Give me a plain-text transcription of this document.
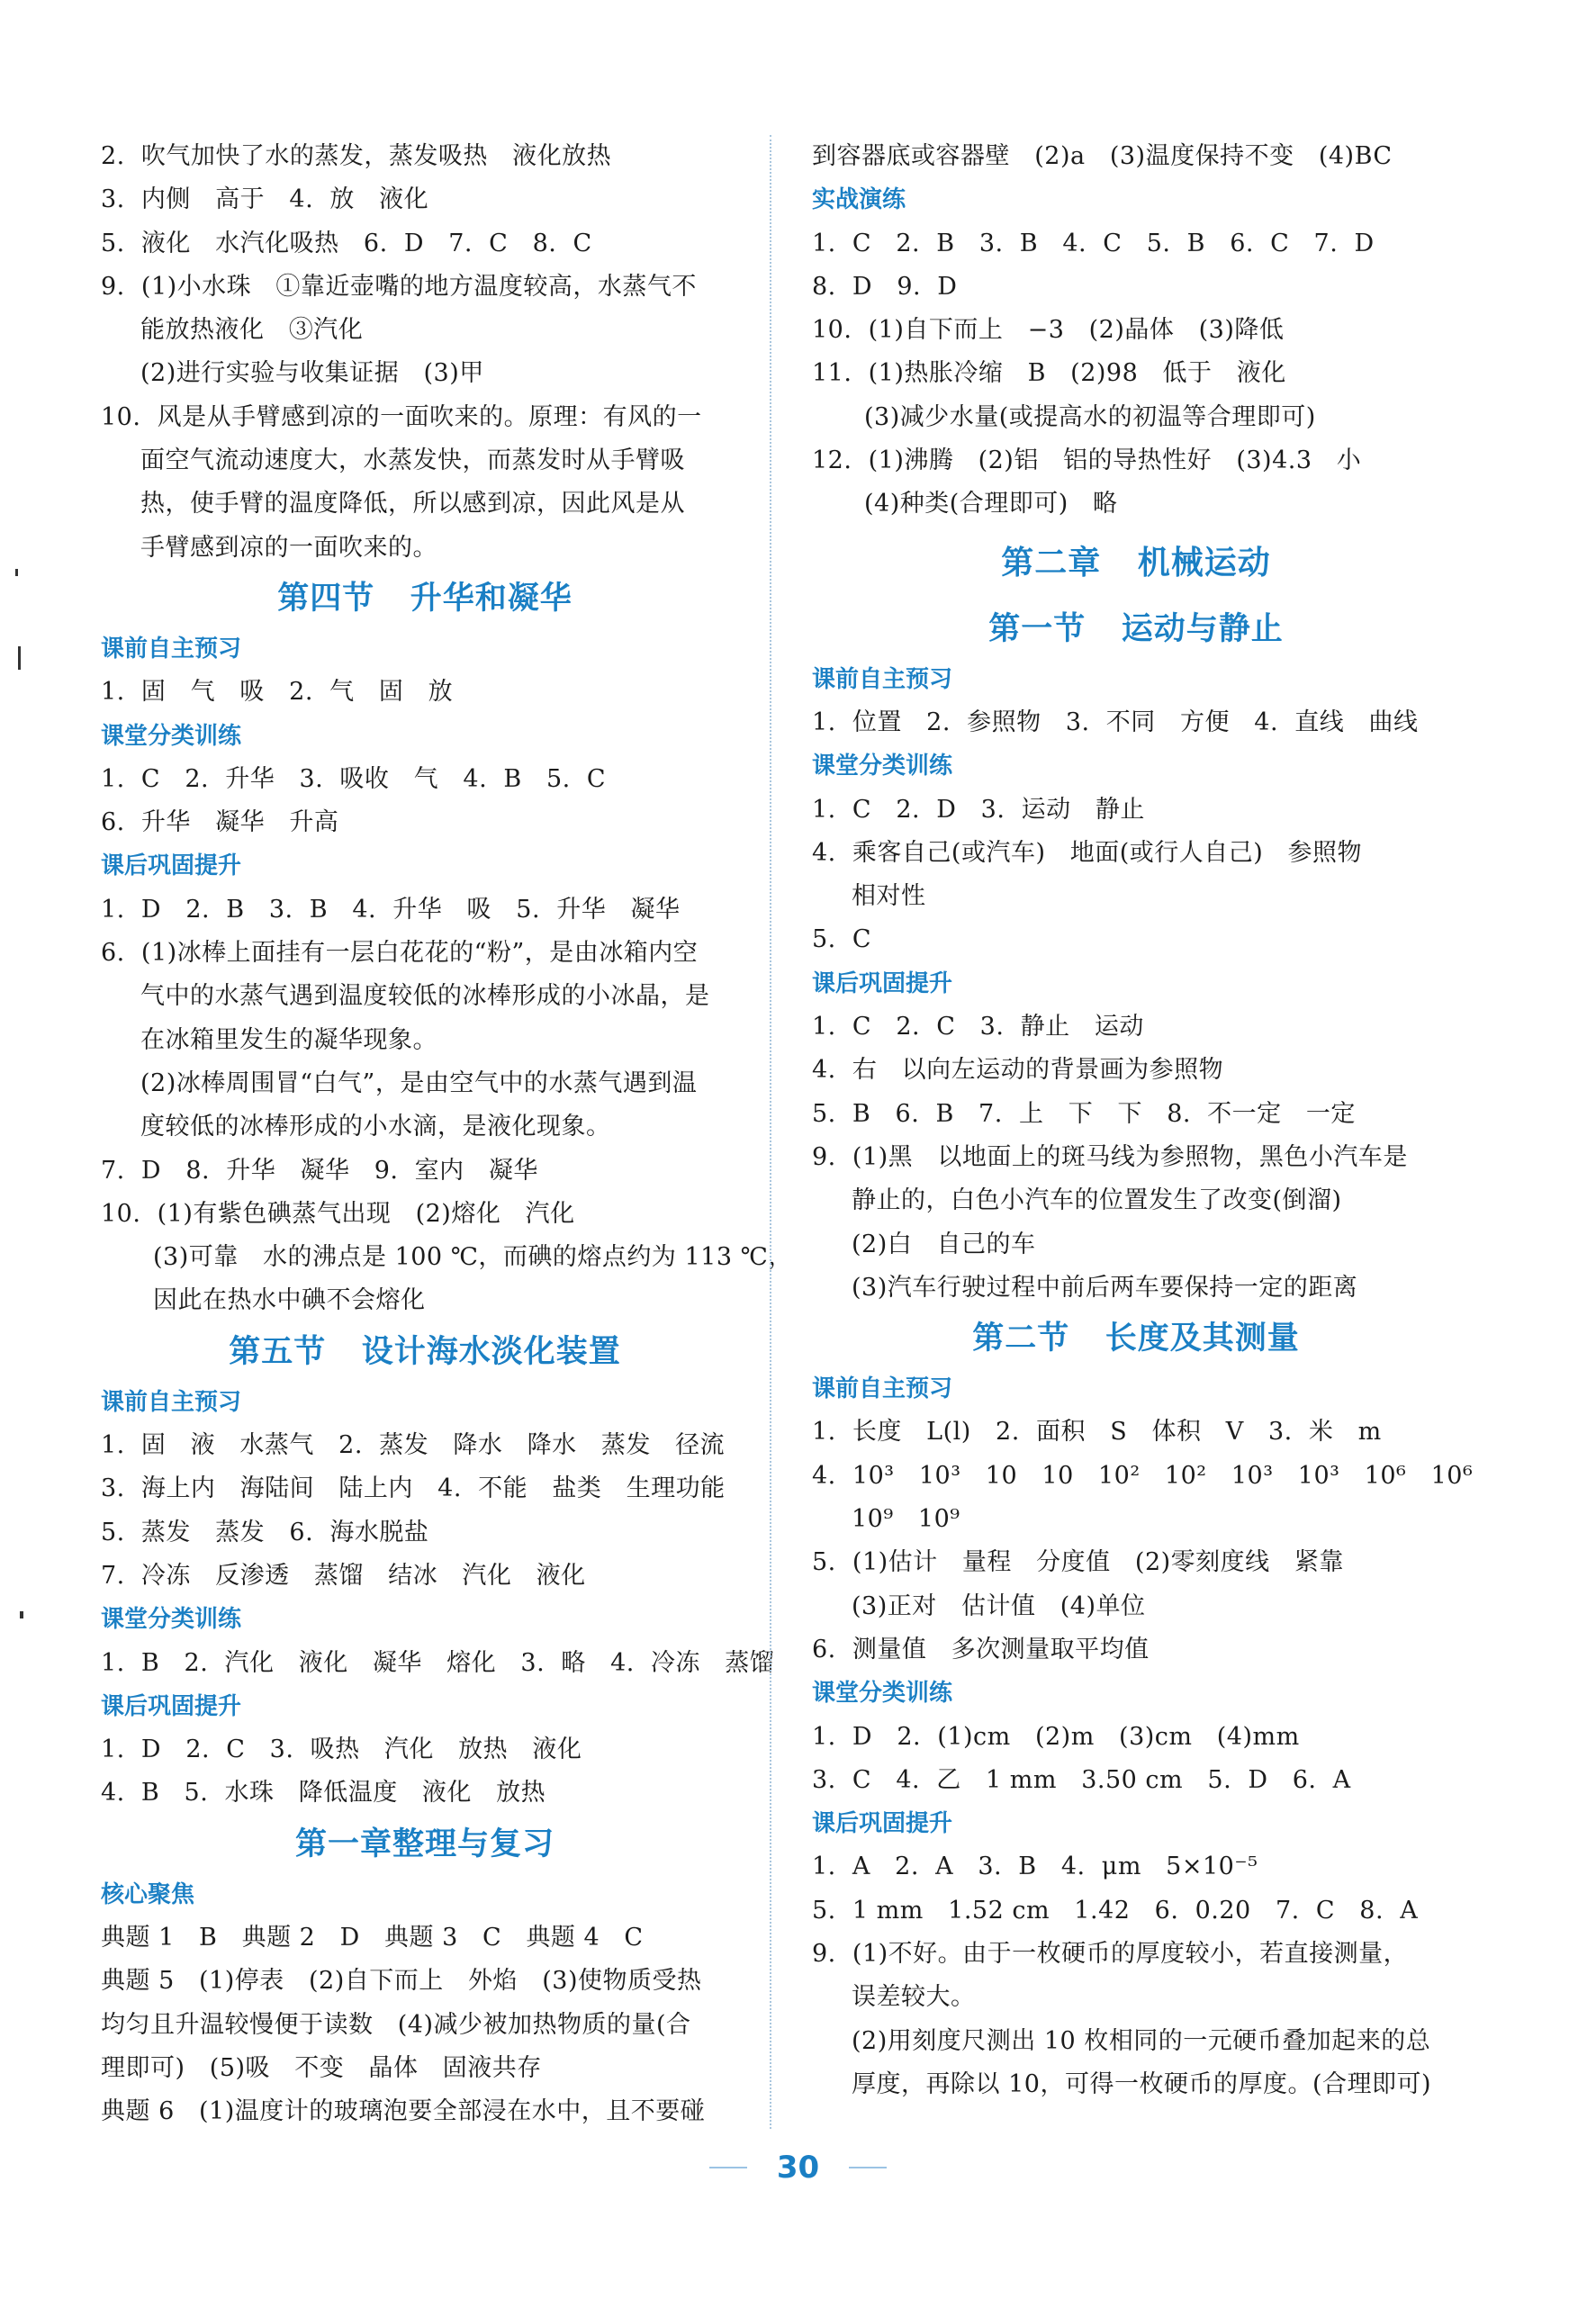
2.  吹气加快了水的蒸发，蒸发吸热   液化放热
3.  内侧   高于   4.  放   液化
5.  液化   水汽化吸热   6.  D   7.  C   8.  C
9.  (1)小水珠   ①靠近壶嘴的地方温度较高，水蒸气不
能放热液化   ③汽化
(2)进行实验与收集证据   (3)甲
10.  风是从手臂感到凉的一面吹来的。原理：有风的一
面空气流动速度大，水蒸发快，而蒸发时从手臂吸
热，使手臂的温度降低，所以感到凉，因此风是从
手臂感到凉的一面吹来的。
第四节   升华和凝华
课前自主预习
1.  固   气   吸   2.  气   固   放
课堂分类训练
1.  C   2.  升华   3.  吸收   气   4.  B   5.  C
6.  升华   凝华   升高
课后巩固提升
1.  D   2.  B   3.  B   4.  升华   吸   5.  升华   凝华
6.  (1)冰棒上面挂有一层白花花的“粉”，是由冰箱内空
气中的水蒸气遇到温度较低的冰棒形成的小冰晶，是
在冰箱里发生的凝华现象。
(2)冰棒周围冒“白气”，是由空气中的水蒸气遇到温
度较低的冰棒形成的小水滴，是液化现象。
7.  D   8.  升华   凝华   9.  室内   凝华
10.  (1)有紫色碘蒸气出现   (2)熔化   汽化
(3)可靠   水的沸点是 100 ℃，而碘的熔点约为 113 ℃，
因此在热水中碘不会熔化
第五节   设计海水淡化装置
课前自主预习
1.  固   液   水蒸气   2.  蒸发   降水   降水   蒸发   径流
3.  海上内   海陆间   陆上内   4.  不能   盐类   生理功能
5.  蒸发   蒸发   6.  海水脱盐
7.  冷冻   反渗透   蒸馏   结冰   汽化   液化
课堂分类训练
1.  B   2.  汽化   液化   凝华   熔化   3.  略   4.  冷冻   蒸馏
课后巩固提升
1.  D   2.  C   3.  吸热   汽化   放热   液化
4.  B   5.  水珠   降低温度   液化   放热
第一章整理与复习
核心聚焦
典题 1   B   典题 2   D   典题 3   C   典题 4   C
典题 5   (1)停表   (2)自下而上   外焰   (3)使物质受热
均匀且升温较慢便于读数   (4)减少被加热物质的量(合
理即可)   (5)吸   不变   晶体   固液共存
典题 6   (1)温度计的玻璃泡要全部浸在水中，且不要碰
到容器底或容器壁   (2)a   (3)温度保持不变   (4)BC
实战演练
1.  C   2.  B   3.  B   4.  C   5.  B   6.  C   7.  D
8.  D   9.  D
10.  (1)自下而上   −3   (2)晶体   (3)降低
11.  (1)热胀冷缩   B   (2)98   低于   液化
(3)减少水量(或提高水的初温等合理即可)
12.  (1)沸腾   (2)铝   铝的导热性好   (3)4.3   小
(4)种类(合理即可)   略
第二章   机械运动
第一节   运动与静止
课前自主预习
1.  位置   2.  参照物   3.  不同   方便   4.  直线   曲线
课堂分类训练
1.  C   2.  D   3.  运动   静止
4.  乘客自己(或汽车)   地面(或行人自己)   参照物
相对性
5.  C
课后巩固提升
1.  C   2.  C   3.  静止   运动
4.  右   以向左运动的背景画为参照物
5.  B   6.  B   7.  上   下   下   8.  不一定   一定
9.  (1)黑   以地面上的斑马线为参照物，黑色小汽车是
静止的，白色小汽车的位置发生了改变(倒溜)
(2)白   自己的车
(3)汽车行驶过程中前后两车要保持一定的距离
第二节   长度及其测量
课前自主预习
1.  长度   L(l)   2.  面积   S   体积   V   3.  米   m
4.  10³   10³   10   10   10²   10²   10³   10³   10⁶   10⁶
10⁹   10⁹
5.  (1)估计   量程   分度值   (2)零刻度线   紧靠
(3)正对   估计值   (4)单位
6.  测量值   多次测量取平均值
课堂分类训练
1.  D   2.  (1)cm   (2)m   (3)cm   (4)mm
3.  C   4.  乙   1 mm   3.50 cm   5.  D   6.  A
课后巩固提升
1.  A   2.  A   3.  B   4.  μm   5×10⁻⁵
5.  1 mm   1.52 cm   1.42   6.  0.20   7.  C   8.  A
9.  (1)不好。由于一枚硬币的厚度较小，若直接测量，
误差较大。
(2)用刻度尺测出 10 枚相同的一元硬币叠加起来的总
厚度，再除以 10，可得一枚硬币的厚度。(合理即可)
30
